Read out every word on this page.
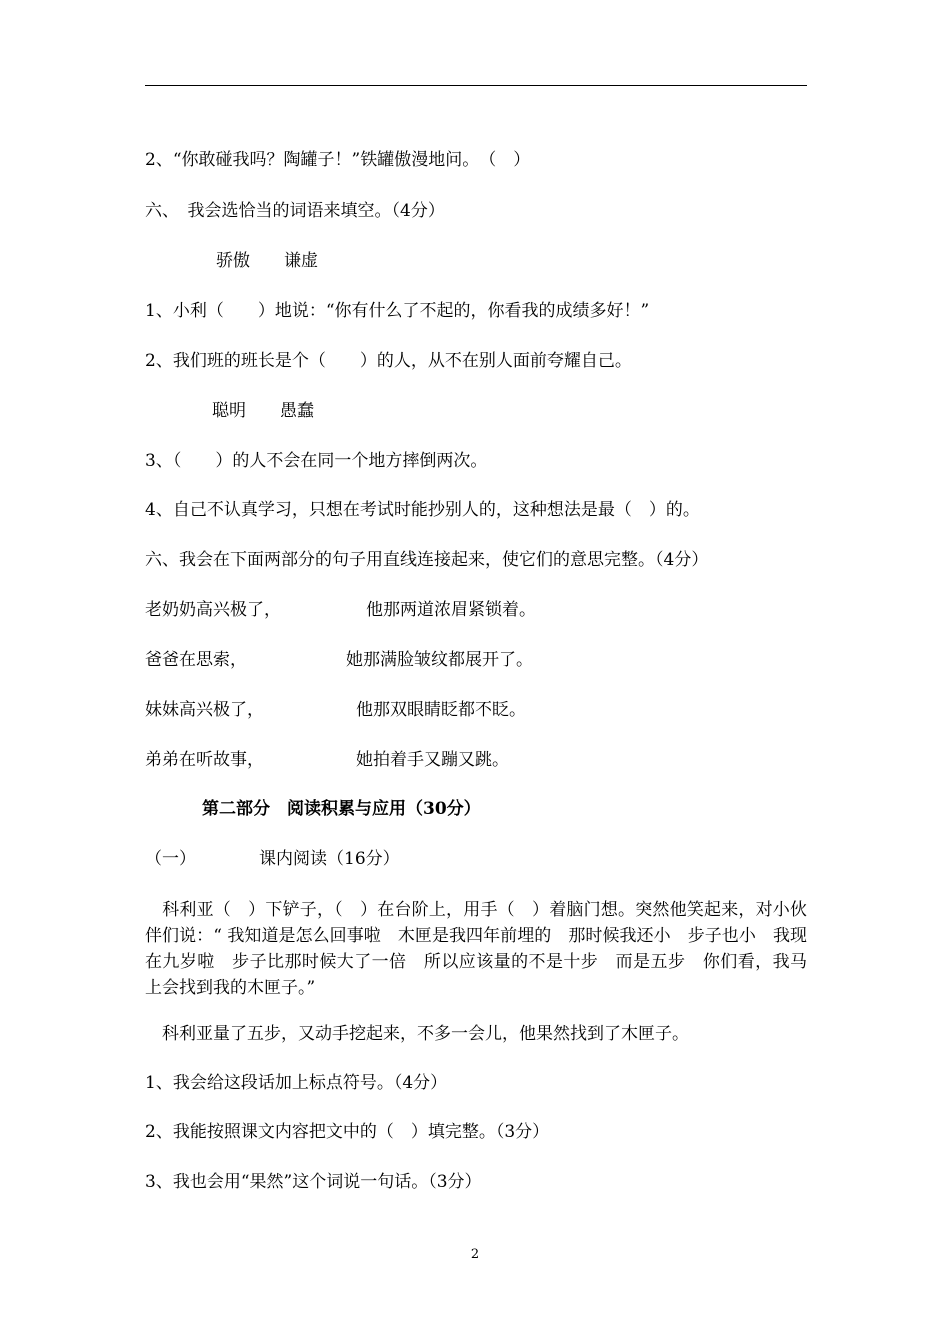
2、“你敢碰我吗？陶罐子！”铁罐傲漫地问。　（　）
六、　我会选恰当的词语来填空。（4分）
骄傲　　谦虚
1、小利（　　）地说：“你有什么了不起的，你看我的成绩多好！”
2、我们班的班长是个（　　）的人，从不在别人面前夸耀自己。
聪明　　愚蠢
3、（　　）的人不会在同一个地方摔倒两次。
4、自己不认真学习，只想在考试时能抄别人的，这种想法是最（　）的。
六、我会在下面两部分的句子用直线连接起来，使它们的意思完整。（4分）
老奶奶高兴极了，	他那两道浓眉紧锁着。
爸爸在思索，	她那满脸皱纹都展开了。
妹妹高兴极了，	他那双眼睛眨都不眨。
弟弟在听故事，	她拍着手又蹦又跳。
第二部分　阅读积累与应用（30分）
（一）	课内阅读（16分）
　科利亚（　）下铲子，（　）在台阶上，用手（　）着脑门想。突然他笑起来，对小伙伴们说：“ 我知道是怎么回事啦　木匣是我四年前埋的　那时候我还小　步子也小　我现在九岁啦　步子比那时候大了一倍　所以应该量的不是十步　而是五步　你们看，我马上会找到我的木匣子。”
　科利亚量了五步，又动手挖起来，不多一会儿，他果然找到了木匣子。
1、我会给这段话加上标点符号。（4分）
2、我能按照课文内容把文中的（　）填完整。（3分）
3、我也会用“果然”这个词说一句话。（3分）
2
